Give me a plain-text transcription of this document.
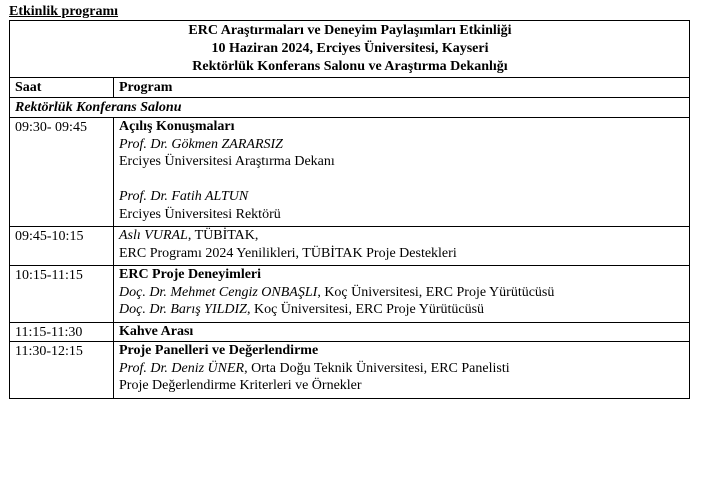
Etkinlik programı
ERC Araştırmaları ve Deneyim Paylaşımları Etkinliği
10 Haziran 2024, Erciyes Üniversitesi, Kayseri
Rektörlük Konferans Salonu ve Araştırma Dekanlığı	

Saat	Program
Rektörlük Konferans Salonu	
09:30- 09:45	Açılış Konuşmaları
Prof. Dr. Gökmen ZARARSIZ
Erciyes Üniversitesi Araştırma Dekanı
Prof. Dr. Fatih ALTUN
Erciyes Üniversitesi Rektörü

09:45-10:15	Aslı VURAL, TÜBİTAK,
ERC Programı 2024 Yenilikleri, TÜBİTAK Proje Destekleri

10:15-11:15	ERC Proje Deneyimleri
Doç. Dr. Mehmet Cengiz ONBAŞLI, Koç Üniversitesi, ERC Proje Yürütücüsü
Doç. Dr. Barış YILDIZ, Koç Üniversitesi, ERC Proje Yürütücüsü

11:15-11:30	Kahve Arası

11:30-12:15	Proje Panelleri ve Değerlendirme
Prof. Dr. Deniz ÜNER, Orta Doğu Teknik Üniversitesi, ERC Panelisti
Proje Değerlendirme Kriterleri ve Örnekler
